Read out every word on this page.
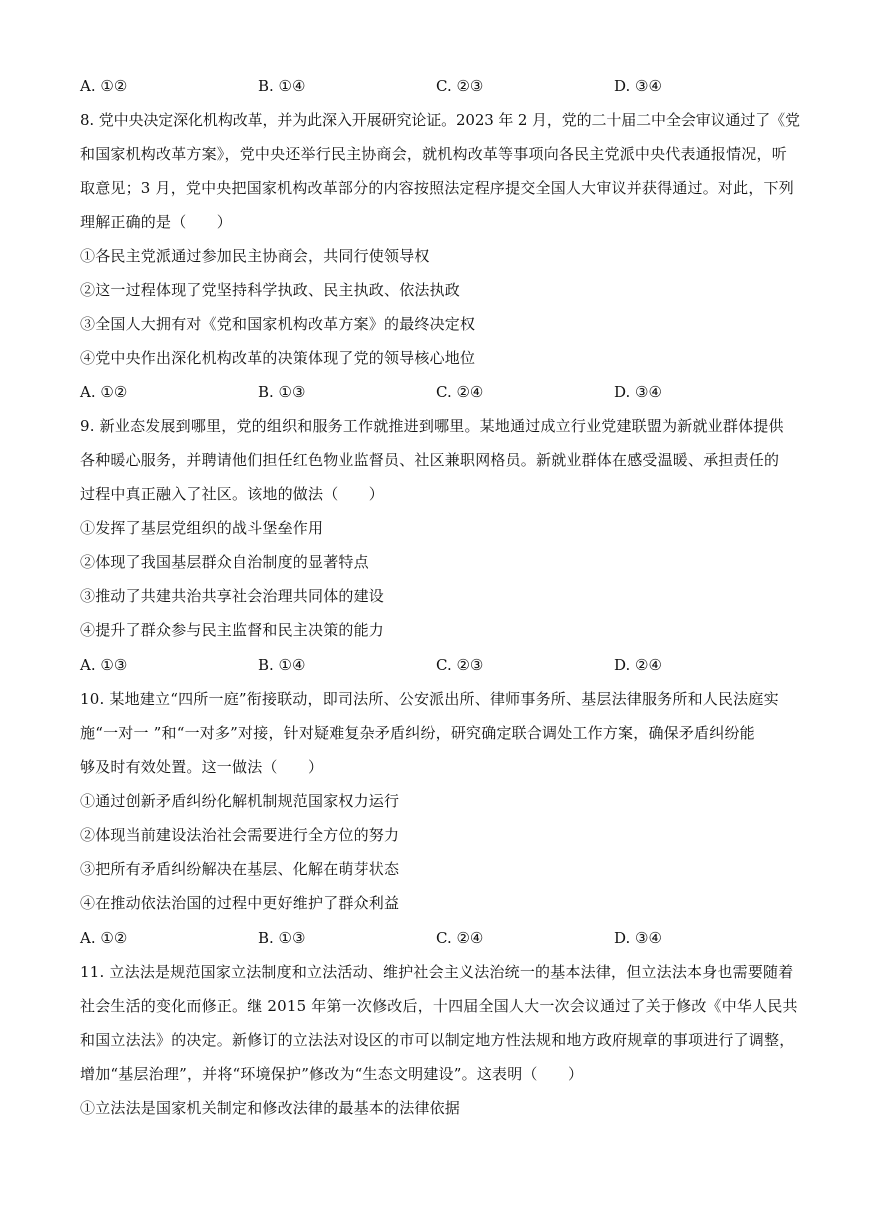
A. ①②	B. ①④	C. ②③	D. ③④
8. 党中央决定深化机构改革，并为此深入开展研究论证。2023 年 2 月，党的二十届二中全会审议通过了《党
和国家机构改革方案》，党中央还举行民主协商会，就机构改革等事项向各民主党派中央代表通报情况，听
取意见；3 月，党中央把国家机构改革部分的内容按照法定程序提交全国人大审议并获得通过。对此，下列
理解正确的是（　　）
①各民主党派通过参加民主协商会，共同行使领导权
②这一过程体现了党坚持科学执政、民主执政、依法执政
③全国人大拥有对《党和国家机构改革方案》的最终决定权
④党中央作出深化机构改革的决策体现了党的领导核心地位
A. ①②	B. ①③	C. ②④	D. ③④
9. 新业态发展到哪里，党的组织和服务工作就推进到哪里。某地通过成立行业党建联盟为新就业群体提供
各种暖心服务，并聘请他们担任红色物业监督员、社区兼职网格员。新就业群体在感受温暖、承担责任的
过程中真正融入了社区。该地的做法（　　）
①发挥了基层党组织的战斗堡垒作用
②体现了我国基层群众自治制度的显著特点
③推动了共建共治共享社会治理共同体的建设
④提升了群众参与民主监督和民主决策的能力
A. ①③	B. ①④	C. ②③	D. ②④
10. 某地建立“四所一庭”衔接联动，即司法所、公安派出所、律师事务所、基层法律服务所和人民法庭实
施“一对一 ”和“一对多”对接，针对疑难复杂矛盾纠纷，研究确定联合调处工作方案，确保矛盾纠纷能
够及时有效处置。这一做法（　　）
①通过创新矛盾纠纷化解机制规范国家权力运行
②体现当前建设法治社会需要进行全方位的努力
③把所有矛盾纠纷解决在基层、化解在萌芽状态
④在推动依法治国的过程中更好维护了群众利益
A. ①②	B. ①③	C. ②④	D. ③④
11. 立法法是规范国家立法制度和立法活动、维护社会主义法治统一的基本法律，但立法法本身也需要随着
社会生活的变化而修正。继 2015 年第一次修改后，十四届全国人大一次会议通过了关于修改《中华人民共
和国立法法》的决定。新修订的立法法对设区的市可以制定地方性法规和地方政府规章的事项进行了调整，
增加“基层治理”，并将“环境保护”修改为“生态文明建设”。这表明（　　）
①立法法是国家机关制定和修改法律的最基本的法律依据
